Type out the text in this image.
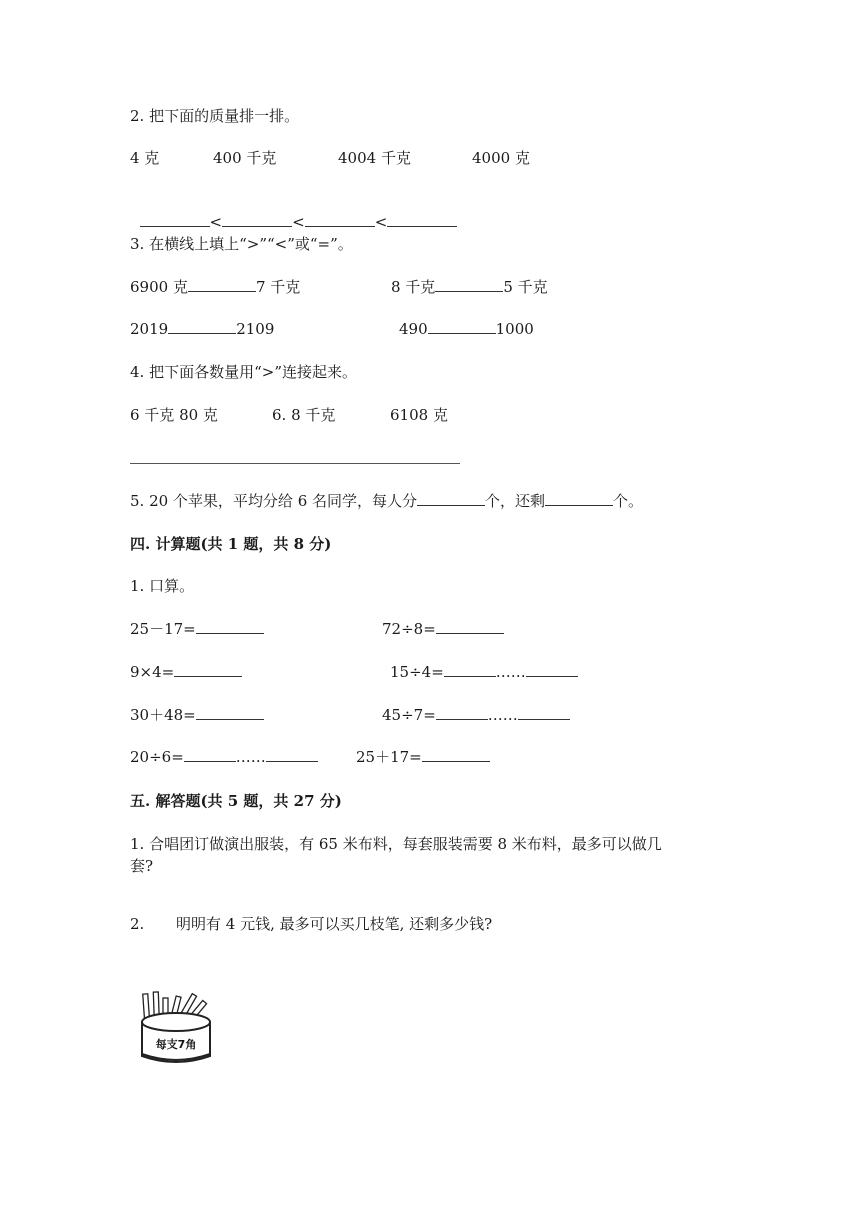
2. 把下面的质量排一排。
4 克	400 千克	4004 千克	4000 克

<	<	<

3. 在横线上填上“>”“<”或“=”。
6900 克	7 千克	8 千克	5 千克
2019	2109	490	1000
4. 把下面各数量用“>”连接起来。
6 千克 80 克	6. 8 千克	6108 克
5. 20 个苹果，平均分给 6 名同学，每人分	个，还剩	个。
四. 计算题(共 1 题，共 8 分)
1. 口算。
25－17=	72÷8=
9×4=	15÷4=	……
30＋48=	45÷7=	……
20÷6=	……	25＋17=
五. 解答题(共 5 题，共 27 分)
1. 合唱团订做演出服装，有 65 米布料，每套服装需要 8 米布料，最多可以做几
套?
2. 明明有 4 元钱, 最多可以买几枝笔, 还剩多少钱?
每支7角
